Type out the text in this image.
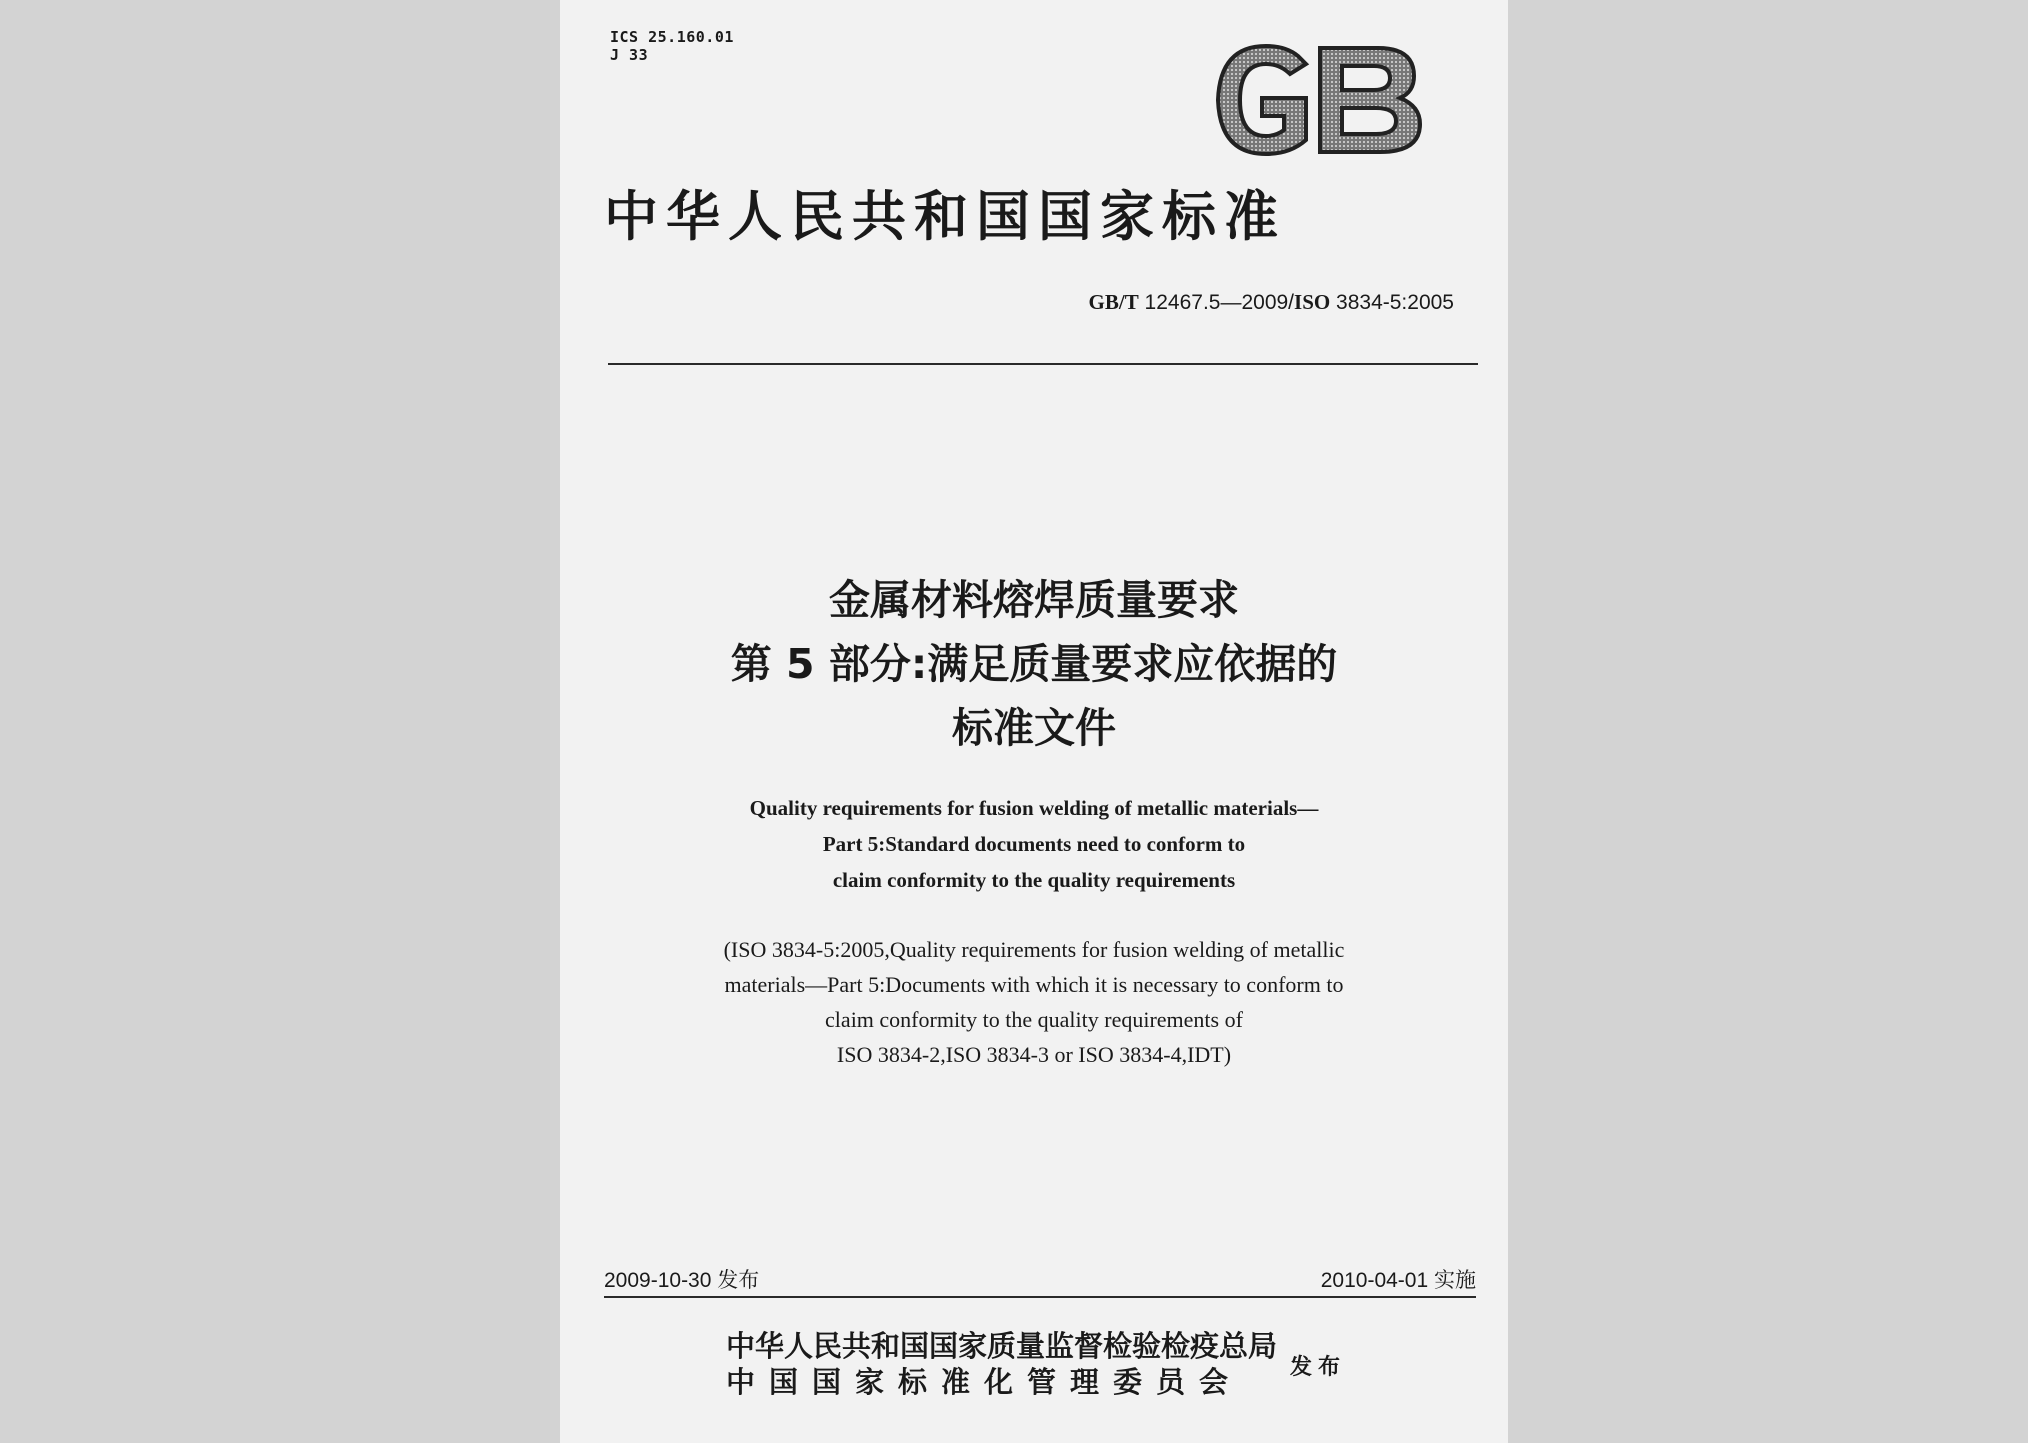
ICS 25.160.01
J 33
中华人民共和国国家标准
GB/T 12467.5—2009/ISO 3834-5:2005
金属材料熔焊质量要求
第 5 部分:满足质量要求应依据的
标准文件
Quality requirements for fusion welding of metallic materials—
Part 5:Standard documents need to conform to
claim conformity to the quality requirements
(ISO 3834-5:2005,Quality requirements for fusion welding of metallic
materials—Part 5:Documents with which it is necessary to conform to
claim conformity to the quality requirements of
ISO 3834-2,ISO 3834-3 or ISO 3834-4,IDT)
2009-10-30 发布	2010-04-01 实施
中华人民共和国国家质量监督检验检疫总局
中国国家标准化管理委员会	发布
